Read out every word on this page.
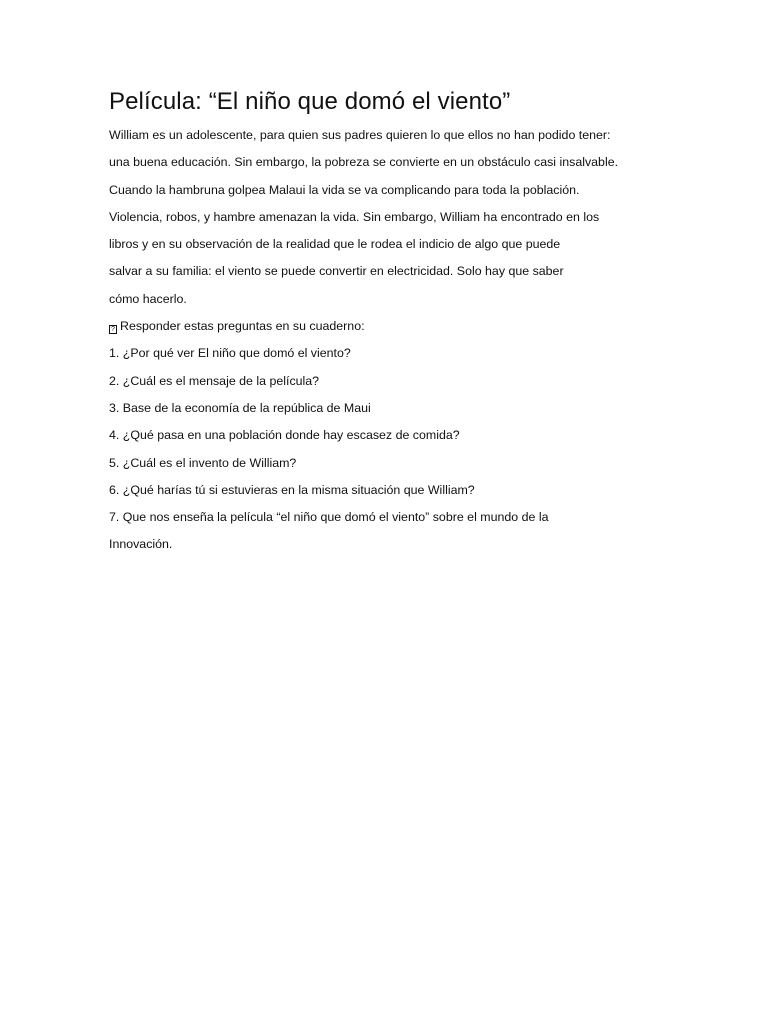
Película: “El niño que domó el viento”

William es un adolescente, para quien sus padres quieren lo que ellos no han podido tener:

una buena educación. Sin embargo, la pobreza se convierte en un obstáculo casi insalvable.

Cuando la hambruna golpea Malaui la vida se va complicando para toda la población.

Violencia, robos, y hambre amenazan la vida. Sin embargo, William ha encontrado en los

libros y en su observación de la realidad que le rodea el indicio de algo que puede

salvar a su familia: el viento se puede convertir en electricidad. Solo hay que saber

cómo hacerlo.

? Responder estas preguntas en su cuaderno:

1. ¿Por qué ver El niño que domó el viento?

2. ¿Cuál es el mensaje de la película?

3. Base de la economía de la república de Maui

4. ¿Qué pasa en una población donde hay escasez de comida?

5. ¿Cuál es el invento de William?

6. ¿Qué harías tú si estuvieras en la misma situación que William?

7. Que nos enseña la película “el niño que domó el viento” sobre el mundo de la

Innovación.
